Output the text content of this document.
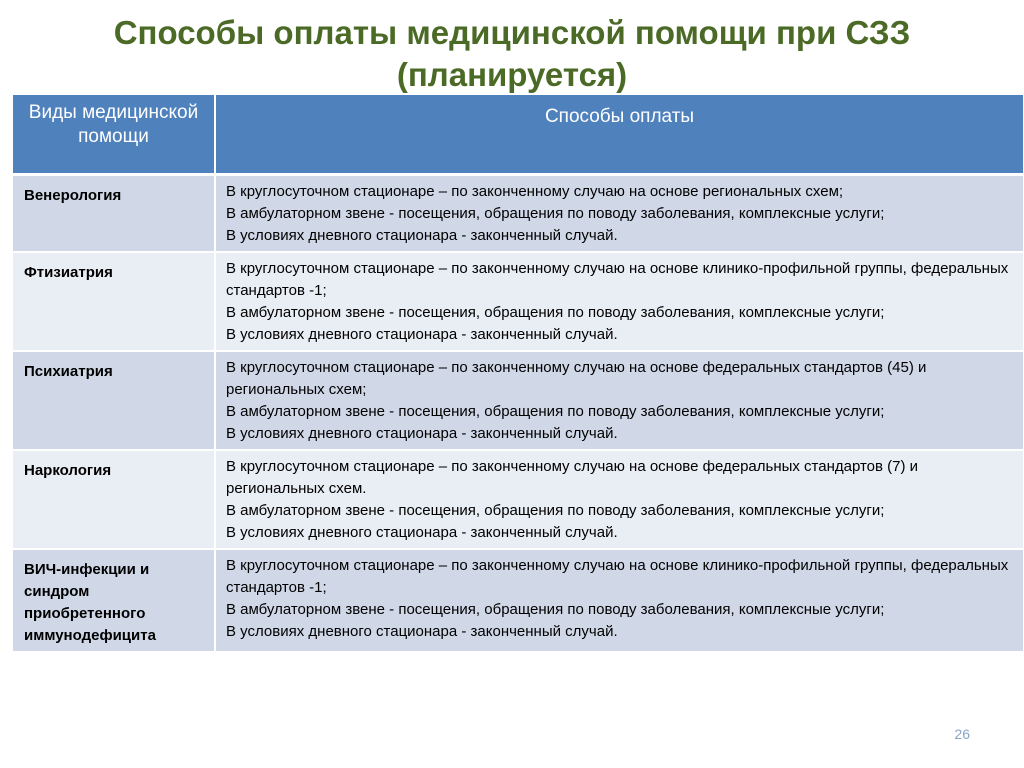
Способы оплаты медицинской помощи при СЗЗ
(планируется)
Виды медицинской помощи	Способы оплаты
Венерология	В круглосуточном стационаре – по законченному случаю на основе региональных схем;
В амбулаторном звене - посещения, обращения по поводу заболевания, комплексные услуги;
В условиях дневного стационара - законченный случай.

Фтизиатрия	В круглосуточном стационаре – по законченному случаю на основе клинико-профильной группы, федеральных стандартов -1;
В амбулаторном звене - посещения, обращения по поводу заболевания, комплексные услуги;
В условиях дневного стационара - законченный случай.

Психиатрия	В круглосуточном стационаре – по законченному случаю на основе федеральных стандартов (45) и региональных схем;
В амбулаторном звене - посещения, обращения по поводу заболевания, комплексные услуги;
В условиях дневного стационара - законченный случай.

Наркология	В круглосуточном стационаре – по законченному случаю на основе федеральных стандартов (7) и региональных схем.
В амбулаторном звене - посещения, обращения по поводу заболевания, комплексные услуги;
В условиях дневного стационара - законченный случай.

ВИЧ-инфекции и синдром приобретенного иммунодефицита	В круглосуточном стационаре – по законченному случаю на основе клинико-профильной группы, федеральных стандартов -1;
В амбулаторном звене - посещения, обращения по поводу заболевания, комплексные услуги;
В условиях дневного стационара - законченный случай.
26
